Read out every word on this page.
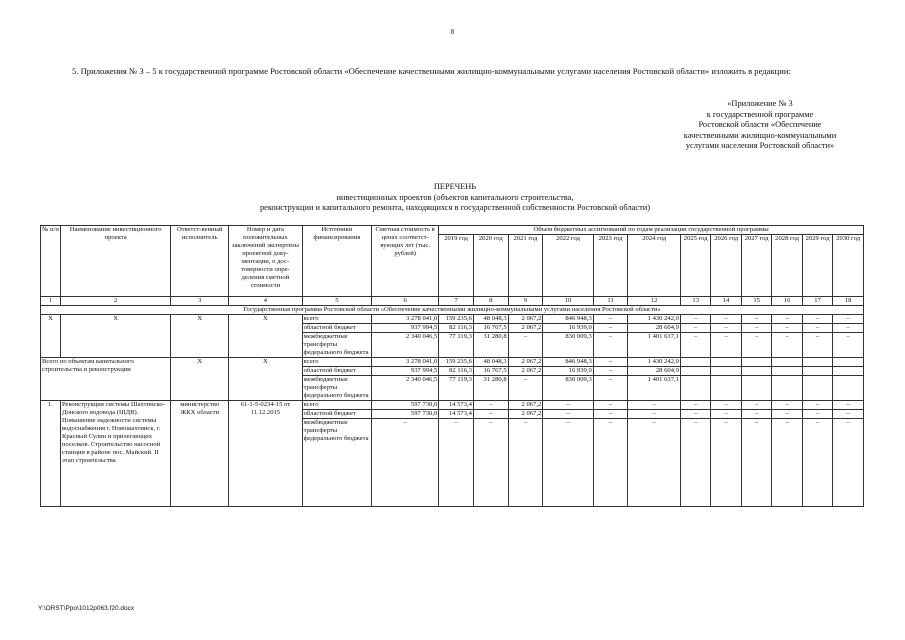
8
5. Приложения № 3 – 5 к государственной программе Ростовской области «Обеспечение качественными жилищно-коммунальными услугами населения Ростовской области» изложить в редакции:
«Приложение № 3
к государственной программе
Ростовской области «Обеспечение
качественными жилищно-коммунальными
услугами населения Ростовской области»
ПЕРЕЧЕНЬ
инвестиционных проектов (объектов капитального строительства,
реконструкции и капитального ремонта, находящихся в государственной собственности Ростовской области)
№ п/п	Наименование инвестиционного проекта	Ответст-венный исполнитель	Номер и дата положительных заключений экспертизы проектной доку-ментации, о дос-товерности опре-деления сметной стоимости	Источники финансирования	Сметная стоимость в ценах соответст-вующих лет (тыс. рублей)	Объем бюджетных ассигнований по годам реализации государственной программы											
						2019 год	2020 год	2021 год	2022 год	2023 год	2024 год	2025 год	2026 год	2027 год	2028 год	2029 год	2030 год
1	2	3	4	5	6	7	8	9	10	11	12	13	14	15	16	17	18
Государственная программа Ростовской области «Обеспечение качественными жилищно-коммунальными услугами населения Ростовской области»																	
Х	Х	Х	Х	всего	3 278 041,0	159 235,6	48 048,3	2 067,2	846 948,3	–	1 430 242,0	–	–	–	–	–	–
				областной бюджет	937 994,5	82 116,3	16 767,5	2 067,2	16 939,0	–	28 604,9	–	–	–	–	–	–
				межбюджетные трансферты федерального бюджета	2 340 046,5	77 119,3	31 280,8	–	830 009,3	–	1 401 637,1	–	–	–	–	–	–
Всего по объектам капитального строительства и реконструкции		Х	Х	всего	3 278 041,0	159 235,6	48 048,3	2 067,2	846 948,3	–	1 430 242,0						
				областной бюджет	937 994,5	82 116,3	16 767,5	2 067,2	16 939,0	–	28 604,9						
				межбюджетные трансферты федерального бюджета	2 340 046,5	77 119,3	31 280,8	–	830 009,3	–	1 401 637,1						
1.	Реконструкция системы Шахтинско-Донского водовода (ШДВ). Повышение надежности системы водоснабжения г. Новошахтинск, г. Красный Сулин и прилегающих поселков. Строительство насосной станции в районе пос. Майский. II этап строительства	министерство ЖКХ области	61-1-5-0234-15 от 11.12.2015	всего	597 730,0	14 573,4	–	2 067,2	–	–	–	–	–	–	–	–	–
				областной бюджет	597 730,0	14 573,4	–	2 067,2	–	–	–	–	–	–	–	–	–
				межбюджетные трансферты федерального бюджета	–	–	–	–	–	–	–	–	–	–	–	–	–
Y:\ORST\Ppo\1012p063.f20.docx
